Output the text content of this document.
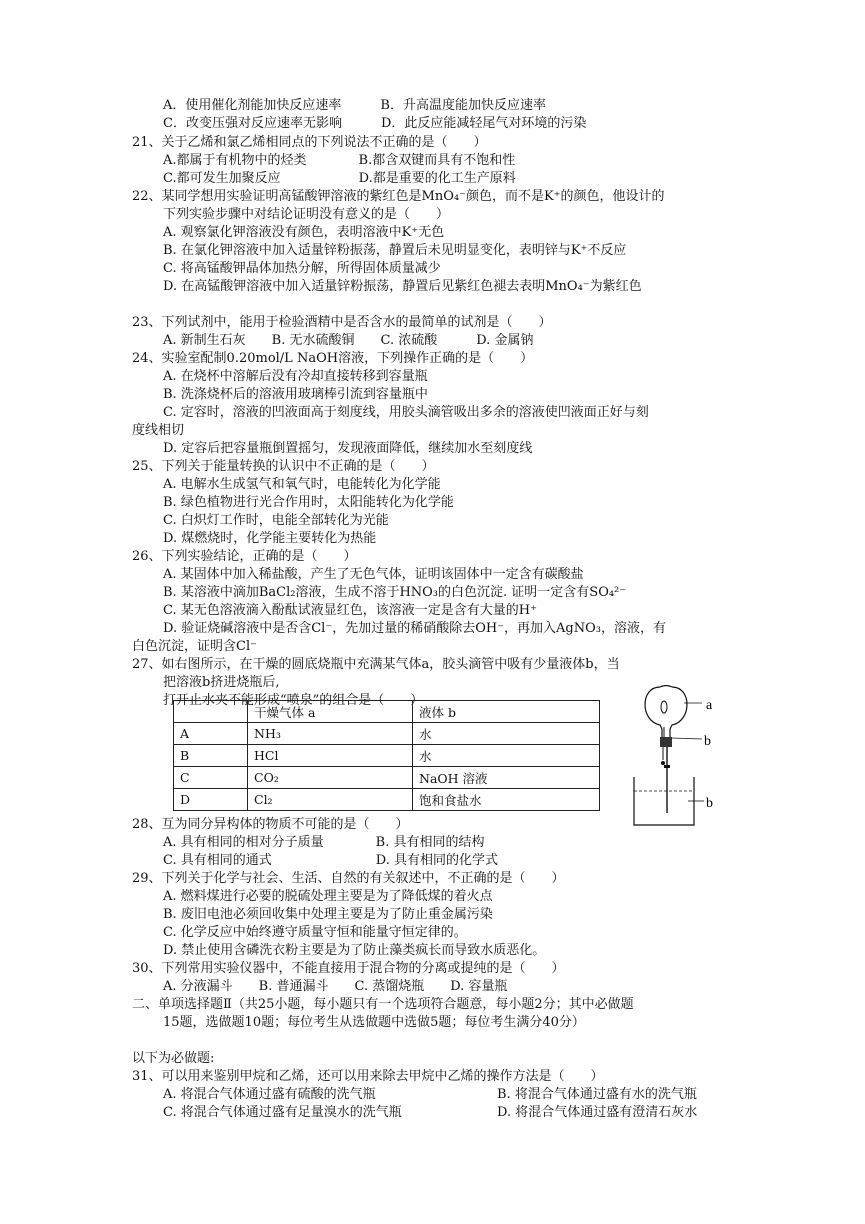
A．使用催化剂能加快反应速率　　　B．升高温度能加快反应速率
C．改变压强对反应速率无影响　　　D．此反应能减轻尾气对环境的污染
21、关于乙烯和氯乙烯相同点的下列说法不正确的是（　　）
A.都属于有机物中的烃类　　　　B.都含双键而具有不饱和性
C.都可发生加聚反应　　　　　　D.都是重要的化工生产原料
22、某同学想用实验证明高锰酸钾溶液的紫红色是MnO₄⁻颜色，而不是K⁺的颜色，他设计的
下列实验步骤中对结论证明没有意义的是（　　）
A. 观察氯化钾溶液没有颜色，表明溶液中K⁺无色
B. 在氯化钾溶液中加入适量锌粉振荡，静置后未见明显变化，表明锌与K⁺不反应
C. 将高锰酸钾晶体加热分解，所得固体质量减少
D. 在高锰酸钾溶液中加入适量锌粉振荡，静置后见紫红色褪去表明MnO₄⁻为紫红色
23、下列试剂中，能用于检验酒精中是否含水的最简单的试剂是（　　）
A. 新制生石灰　　B. 无水硫酸铜　　C. 浓硫酸　　　D. 金属钠
24、实验室配制0.20mol/L NaOH溶液，下列操作正确的是（　　）
A. 在烧杯中溶解后没有冷却直接转移到容量瓶
B. 洗涤烧杯后的溶液用玻璃棒引流到容量瓶中
C. 定容时，溶液的凹液面高于刻度线，用胶头滴管吸出多余的溶液使凹液面正好与刻
度线相切
D. 定容后把容量瓶倒置摇匀，发现液面降低，继续加水至刻度线
25、下列关于能量转换的认识中不正确的是（　　）
A. 电解水生成氢气和氧气时，电能转化为化学能
B. 绿色植物进行光合作用时，太阳能转化为化学能
C. 白炽灯工作时，电能全部转化为光能
D. 煤燃烧时，化学能主要转化为热能
26、下列实验结论，正确的是（　　）
A. 某固体中加入稀盐酸，产生了无色气体，证明该固体中一定含有碳酸盐
B. 某溶液中滴加BaCl₂溶液，生成不溶于HNO₃的白色沉淀. 证明一定含有SO₄²⁻
C. 某无色溶液滴入酚酞试液显红色，该溶液一定是含有大量的H⁺
D. 验证烧碱溶液中是否含Cl⁻，先加过量的稀硝酸除去OH⁻，再加入AgNO₃，溶液，有
白色沉淀，证明含Cl⁻
27、如右图所示，在干燥的圆底烧瓶中充满某气体a，胶头滴管中吸有少量液体b，当
把溶液b挤进烧瓶后,
打开止水夹不能形成“喷泉”的组合是（　　）
28、互为同分异构体的物质不可能的是（　　）
A. 具有相同的相对分子质量　　　　B. 具有相同的结构
C. 具有相同的通式　　　　　　　　D. 具有相同的化学式
29、下列关于化学与社会、生活、自然的有关叙述中，不正确的是（　　）
A. 燃料煤进行必要的脱硫处理主要是为了降低煤的着火点
B. 废旧电池必须回收集中处理主要是为了防止重金属污染
C. 化学反应中始终遵守质量守恒和能量守恒定律的。
D. 禁止使用含磷洗衣粉主要是为了防止藻类疯长而导致水质恶化。
30、下列常用实验仪器中，不能直接用于混合物的分离或提纯的是（　　）
A. 分液漏斗　　B. 普通漏斗　　C. 蒸馏烧瓶　　D. 容量瓶
二、单项选择题Ⅱ（共25小题，每小题只有一个选项符合题意，每小题2分；其中必做题
15题，选做题10题；每位考生从选做题中选做5题；每位考生满分40分）
以下为必做题:
31、可以用来鉴别甲烷和乙烯，还可以用来除去甲烷中乙烯的操作方法是（　　）
A. 将混合气体通过盛有硫酸的洗气瓶	B. 将混合气体通过盛有水的洗气瓶
C. 将混合气体通过盛有足量溴水的洗气瓶	D. 将混合气体通过盛有澄清石灰水
	干燥气体 a	液体 b
A	NH₃	水
B	HCl	水
C	CO₂	NaOH 溶液
D	Cl₂	饱和食盐水
a
b
b
